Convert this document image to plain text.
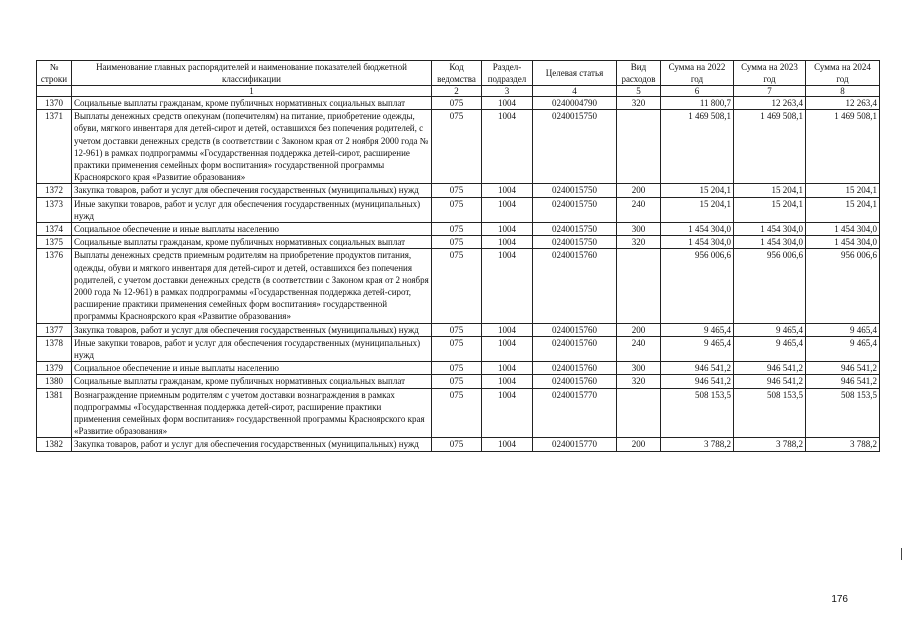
№ строки	Наименование главных распорядителей и наименование показателей бюджетной классификации	Код ведомства	Раздел-подраздел	Целевая статья	Вид расходов	Сумма на 2022 год	Сумма на 2023 год	Сумма на 2024 год
	1	2	3	4	5	6	7	8
1370	Социальные выплаты гражданам, кроме публичных нормативных социальных выплат	075	1004	0240004790	320	11 800,7	12 263,4	12 263,4
1371	Выплаты денежных средств опекунам (попечителям) на питание, приобретение одежды, обуви, мягкого инвентаря для детей-сирот и детей, оставшихся без попечения родителей, с учетом доставки денежных средств (в соответствии с Законом края от 2 ноября 2000 года № 12-961) в рамках подпрограммы «Государственная поддержка детей-сирот, расширение практики применения семейных форм воспитания» государственной программы Красноярского края «Развитие образования»	075	1004	0240015750		1 469 508,1	1 469 508,1	1 469 508,1
1372	Закупка товаров, работ и услуг для обеспечения государственных (муниципальных) нужд	075	1004	0240015750	200	15 204,1	15 204,1	15 204,1
1373	Иные закупки товаров, работ и услуг для обеспечения государственных (муниципальных) нужд	075	1004	0240015750	240	15 204,1	15 204,1	15 204,1
1374	Социальное обеспечение и иные выплаты населению	075	1004	0240015750	300	1 454 304,0	1 454 304,0	1 454 304,0
1375	Социальные выплаты гражданам, кроме публичных нормативных социальных выплат	075	1004	0240015750	320	1 454 304,0	1 454 304,0	1 454 304,0
1376	Выплаты денежных средств приемным родителям на приобретение продуктов питания, одежды, обуви и мягкого инвентаря для детей-сирот и детей, оставшихся без попечения родителей, с учетом доставки денежных средств (в соответствии с Законом края от 2 ноября 2000 года № 12-961) в рамках подпрограммы «Государственная поддержка детей-сирот, расширение практики применения семейных форм воспитания» государственной программы Красноярского края «Развитие образования»	075	1004	0240015760		956 006,6	956 006,6	956 006,6
1377	Закупка товаров, работ и услуг для обеспечения государственных (муниципальных) нужд	075	1004	0240015760	200	9 465,4	9 465,4	9 465,4
1378	Иные закупки товаров, работ и услуг для обеспечения государственных (муниципальных) нужд	075	1004	0240015760	240	9 465,4	9 465,4	9 465,4
1379	Социальное обеспечение и иные выплаты населению	075	1004	0240015760	300	946 541,2	946 541,2	946 541,2
1380	Социальные выплаты гражданам, кроме публичных нормативных социальных выплат	075	1004	0240015760	320	946 541,2	946 541,2	946 541,2
1381	Вознаграждение приемным родителям с учетом доставки вознаграждения в рамках подпрограммы «Государственная поддержка детей-сирот, расширение практики применения семейных форм воспитания» государственной программы Красноярского края «Развитие образования»	075	1004	0240015770		508 153,5	508 153,5	508 153,5
1382	Закупка товаров, работ и услуг для обеспечения государственных (муниципальных) нужд	075	1004	0240015770	200	3 788,2	3 788,2	3 788,2
176
